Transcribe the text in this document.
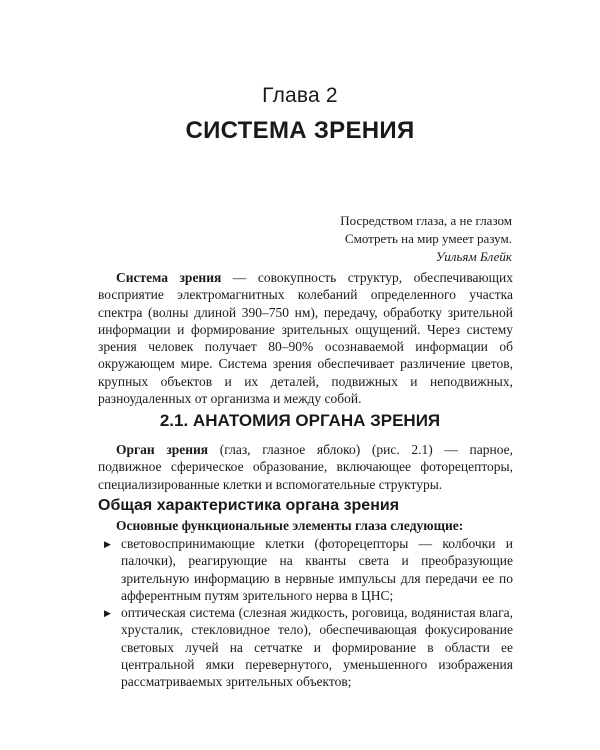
Глава 2
СИСТЕМА ЗРЕНИЯ
Посредством глаза, а не глазом
Смотреть на мир умеет разум.
Уильям Блейк

Система зрения — совокупность структур, обеспечивающих восприятие электромагнитных колебаний определенного участка спектра (волны длиной 390–750 нм), передачу, обработку зрительной информации и формирование зрительных ощущений. Через систему зрения человек получает 80–90% осознаваемой информации об окружающем мире. Система зрения обеспечивает различение цветов, крупных объектов и их деталей, подвижных и неподвижных, разноудаленных от организма и между собой.

2.1. АНАТОМИЯ ОРГАНА ЗРЕНИЯ

Орган зрения (глаз, глазное яблоко) (рис. 2.1) — парное, подвижное сферическое образование, включающее фоторецепторы, специализированные клетки и вспомогательные структуры.

Общая характеристика органа зрения
Основные функциональные элементы глаза следующие:
▶ световоспринимающие клетки (фоторецепторы — колбочки и палочки), реагирующие на кванты света и преобразующие зрительную информацию в нервные импульсы для передачи ее по афферентным путям зрительного нерва в ЦНС;
▶ оптическая система (слезная жидкость, роговица, водянистая влага, хрусталик, стекловидное тело), обеспечивающая фокусирование световых лучей на сетчатке и формирование в области ее центральной ямки перевернутого, уменьшенного изображения рассматриваемых зрительных объектов;
